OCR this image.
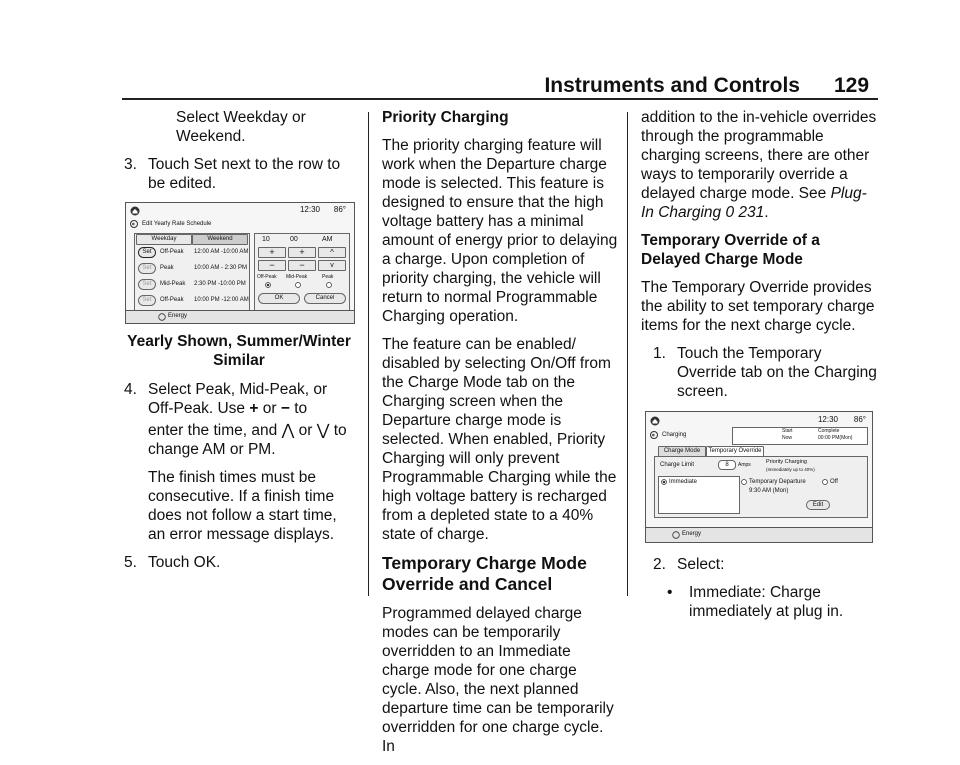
Instruments and Controls 129

Select Weekday or Weekend.

3. Touch Set next to the row to be edited.
12:30 86°
Edit Yearly Rate Schedule
Weekday	Weekend
Set	Off-Peak 12:00 AM -10:00 AM
Set	Peak	10:00 AM - 2:30 PM
Set	Mid-Peak 2:30 PM -10:00 PM
Set	Off-Peak 10:00 PM -12:00 AM
10	00	AM
+	+	^
−	−	v
Off-Peak Mid-Peak	Peak
OK	Cancel
Energy
Yearly Shown, Summer/Winter Similar
4. Select Peak, Mid-Peak, or Off-Peak. Use + or − to

enter the time, and ⋀ or ⋁ to
change AM or PM.

The finish times must be consecutive. If a finish time does not follow a start time, an error message displays.

5. Touch OK.
Priority Charging

The priority charging feature will work when the Departure charge mode is selected. This feature is designed to ensure that the high voltage battery has a minimal amount of energy prior to delaying a charge. Upon completion of priority charging, the vehicle will return to normal Programmable Charging operation.

The feature can be enabled/ disabled by selecting On/Off from the Charge Mode tab on the Charging screen when the Departure charge mode is selected. When enabled, Priority Charging will only prevent Programmable Charging while the high voltage battery is recharged from a depleted state to a 40% state of charge.

Temporary Charge Mode Override and Cancel

Programmed delayed charge modes can be temporarily overridden to an Immediate charge mode for one charge cycle. Also, the next planned departure time can be temporarily overridden for one charge cycle. In

addition to the in-vehicle overrides through the programmable charging screens, there are other ways to temporarily override a delayed charge mode. See Plug-In Charging 0 231.

Temporary Override of a Delayed Charge Mode

The Temporary Override provides the ability to set temporary charge items for the next charge cycle.

1. Touch the Temporary Override tab on the Charging screen.
12:30 86°
Charging
Start
Now
Complete
00:00 PM(Mon)
Charge Mode	Temporary Override
Charge Limit	8	Amps	Priority Charging
(Immediately up to 40%)
Immediate	Temporary Departure
9:30 AM (Mon)
Off
Edit
Energy
2. Select:
•	Immediate: Charge immediately at plug in.
